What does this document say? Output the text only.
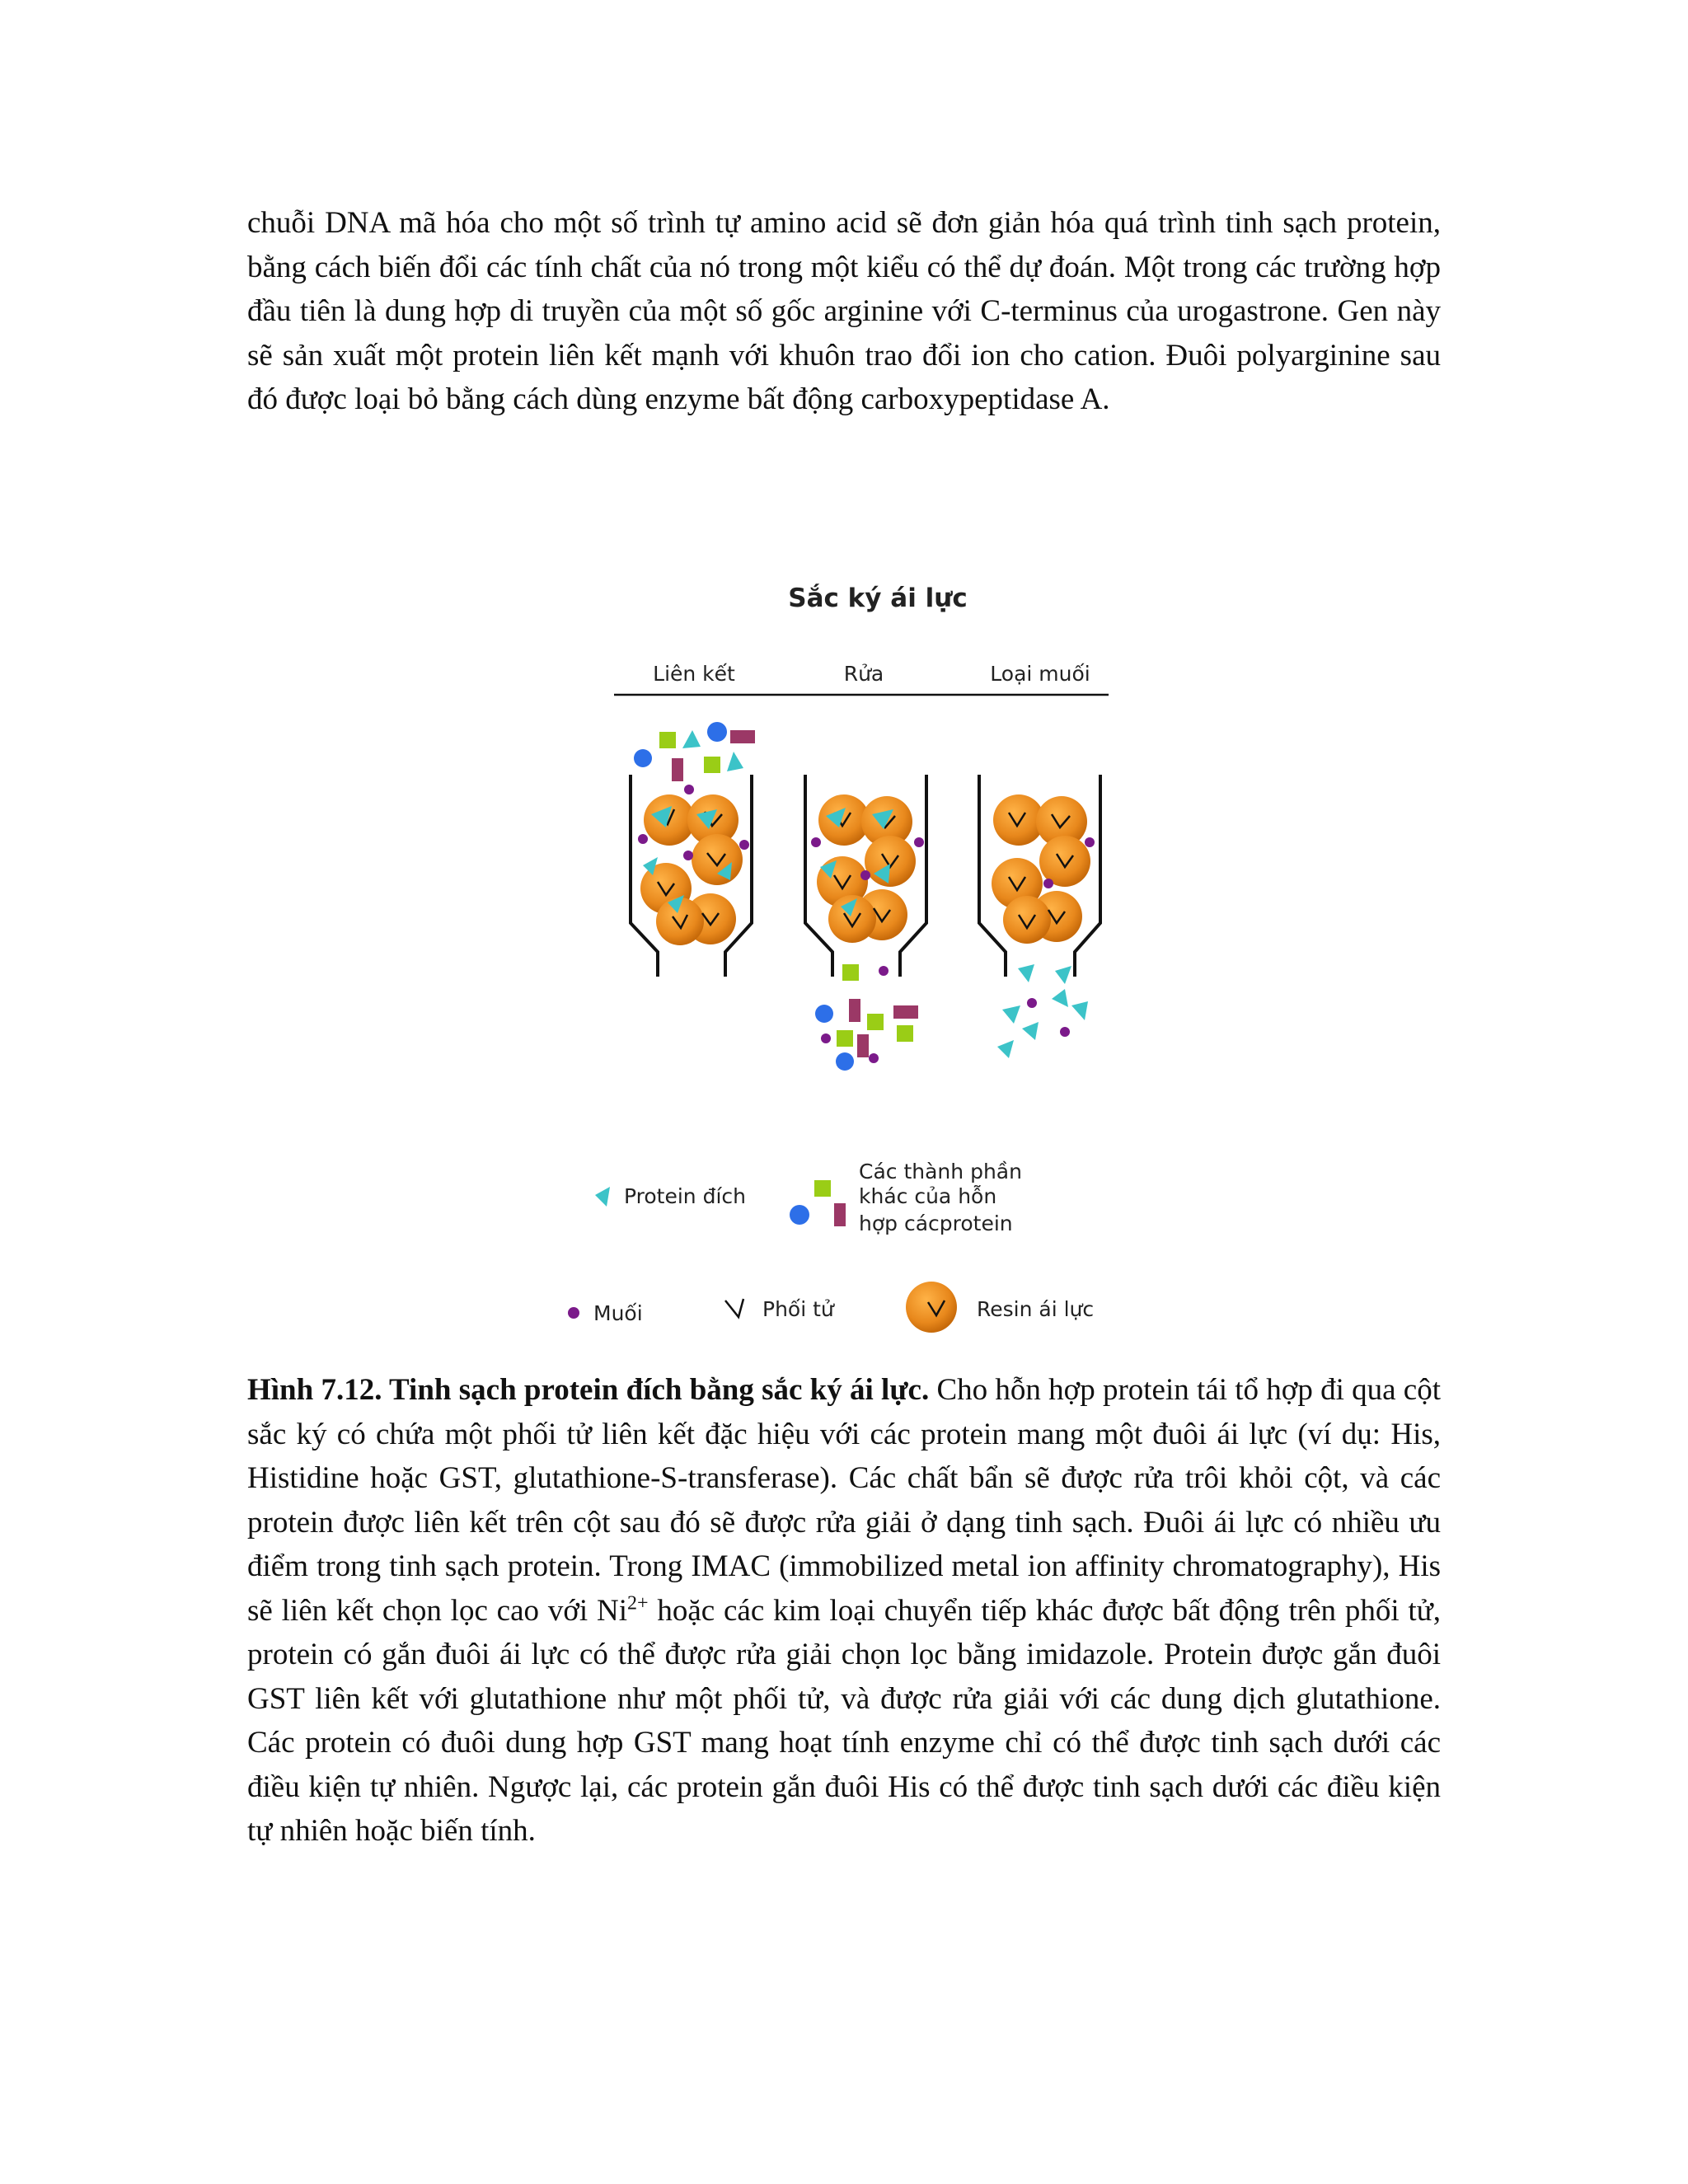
chuỗi DNA mã hóa cho một số trình tự amino acid sẽ đơn giản hóa quá trình tinh sạch protein, bằng cách biến đổi các tính chất của nó trong một kiểu có thể dự đoán. Một trong các trường hợp đầu tiên là dung hợp di truyền của một số gốc arginine với C-terminus của urogastrone. Gen này sẽ sản xuất một protein liên kết mạnh với khuôn trao đổi ion cho cation. Đuôi polyarginine sau đó được loại bỏ bằng cách dùng enzyme bất động carboxypeptidase A.

Sắc ký ái lực
Liên kết	Rửa	Loại muối
Protein đích
Các thành phần
khác của hỗn
hợp cácprotein
Muối	Phối tử	Resin ái lực

Hình 7.12. Tinh sạch protein đích bằng sắc ký ái lực. Cho hỗn hợp protein tái tổ hợp đi qua cột sắc ký có chứa một phối tử liên kết đặc hiệu với các protein mang một đuôi ái lực (ví dụ: His, Histidine hoặc GST, glutathione-S-transferase). Các chất bẩn sẽ được rửa trôi khỏi cột, và các protein được liên kết trên cột sau đó sẽ được rửa giải ở dạng tinh sạch. Đuôi ái lực có nhiều ưu điểm trong tinh sạch protein. Trong IMAC (immobilized metal ion affinity chromatography), His sẽ liên kết chọn lọc cao với $Ni^{2+}$ hoặc các kim loại chuyển tiếp khác được bất động trên phối tử, protein có gắn đuôi ái lực có thể được rửa giải chọn lọc bằng imidazole. Protein được gắn đuôi GST liên kết với glutathione như một phối tử, và được rửa giải với các dung dịch glutathione. Các protein có đuôi dung hợp GST mang hoạt tính enzyme chỉ có thể được tinh sạch dưới các điều kiện tự nhiên. Ngược lại, các protein gắn đuôi His có thể được tinh sạch dưới các điều kiện tự nhiên hoặc biến tính.
